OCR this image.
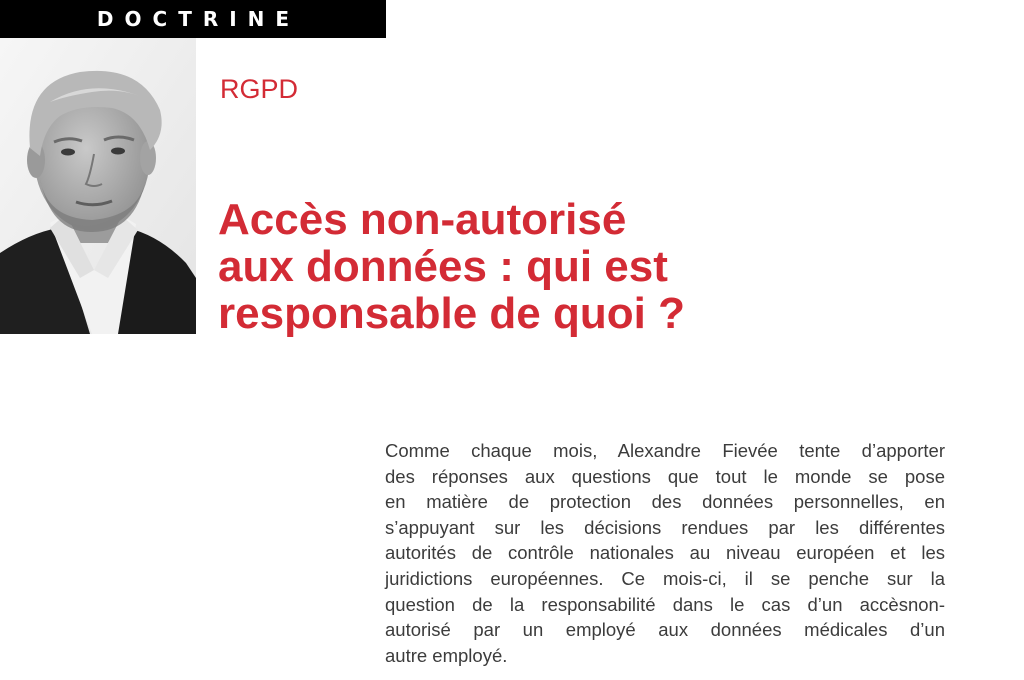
DOCTRINE
RGPD
Accès non-autorisé
aux données : qui est
responsable de quoi ?

Comme chaque mois, Alexandre Fievée tente d’apporter
des réponses aux questions que tout le monde se pose
en matière de protection des données personnelles, en
s’appuyant sur les décisions rendues par les différentes
autorités de contrôle nationales au niveau européen et les
juridictions européennes. Ce mois-ci, il se penche sur la
question de la responsabilité dans le cas d’un accèsnon-
autorisé par un employé aux données médicales d’un
autre employé.
